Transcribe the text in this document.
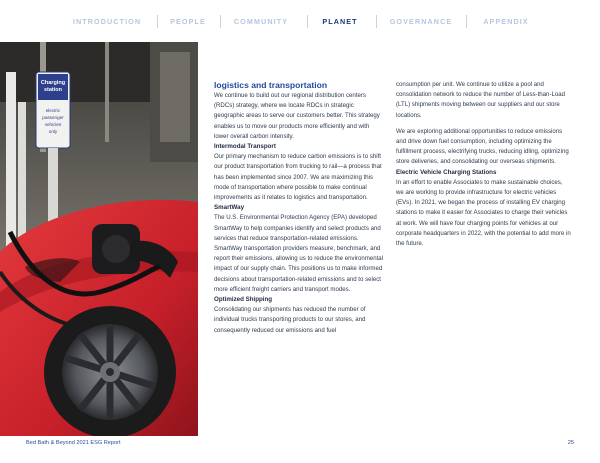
INTRODUCTION	PEOPLE	COMMUNITY	PLANET	GOVERNANCE	APPENDIX
Charging
station
electric
passenger
vehicles
only

logistics and transportation

We continue to build out our regional distribution centers (RDCs) strategy, where we locate RDCs in strategic geographic areas to serve our customers better. This strategy enables us to move our products more efficiently and with lower overall carbon intensity.

Intermodal Transport

Our primary mechanism to reduce carbon emissions is to shift our product transportation from trucking to rail—a process that has been implemented since 2007. We are maximizing this mode of transportation where possible to make continual improvements as it relates to logistics and transportation.

SmartWay

The U.S. Environmental Protection Agency (EPA) developed SmartWay to help companies identify and select products and services that reduce transportation-related emissions. SmartWay transportation providers measure, benchmark, and report their emissions, allowing us to reduce the environmental impact of our supply chain. This positions us to make informed decisions about transportation-related emissions and to select more efficient freight carriers and transport modes.

Optimized Shipping

Consolidating our shipments has reduced the number of individual trucks transporting products to our stores, and consequently reduced our emissions and fuel

consumption per unit. We continue to utilize a pool and consolidation network to reduce the number of Less-than-Load (LTL) shipments moving between our suppliers and our store locations.

We are exploring additional opportunities to reduce emissions and drive down fuel consumption, including optimizing the fulfillment process, electrifying trucks, reducing idling, optimizing store deliveries, and consolidating our overseas shipments.

Electric Vehicle Charging Stations

In an effort to enable Associates to make sustainable choices, we are working to provide infrastructure for electric vehicles (EVs). In 2021, we began the process of installing EV charging stations to make it easier for Associates to charge their vehicles at work. We will have four charging points for vehicles at our corporate headquarters in 2022, with the potential to add more in the future.

Bed Bath & Beyond 2021 ESG Report	25
